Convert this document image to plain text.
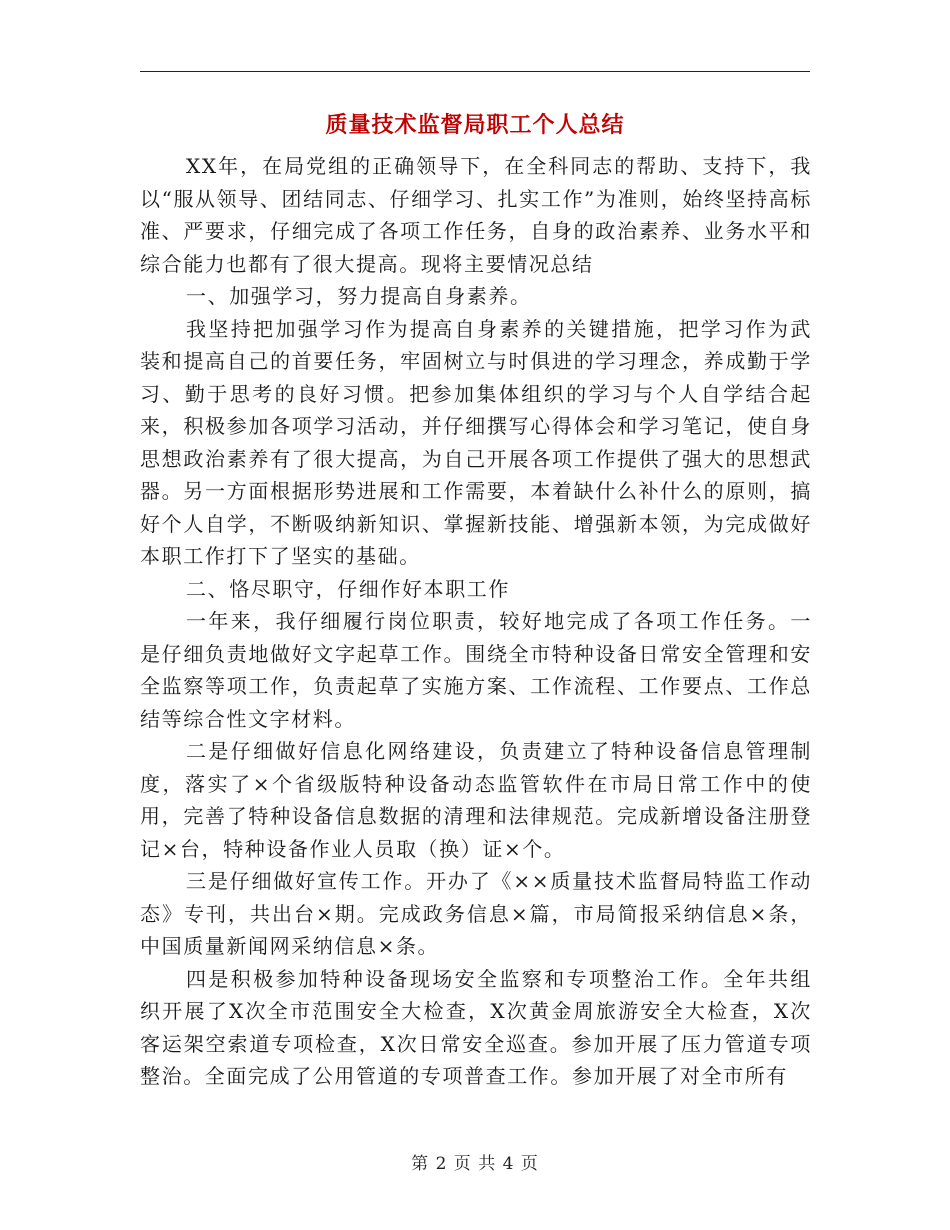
质量技术监督局职工个人总结

XX年，在局党组的正确领导下，在全科同志的帮助、支持下，我以“服从领导、团结同志、仔细学习、扎实工作”为准则，始终坚持高标准、严要求，仔细完成了各项工作任务，自身的政治素养、业务水平和综合能力也都有了很大提高。现将主要情况总结

一、加强学习，努力提高自身素养。

我坚持把加强学习作为提高自身素养的关键措施，把学习作为武装和提高自己的首要任务，牢固树立与时俱进的学习理念，养成勤于学习、勤于思考的良好习惯。把参加集体组织的学习与个人自学结合起来，积极参加各项学习活动，并仔细撰写心得体会和学习笔记，使自身思想政治素养有了很大提高，为自己开展各项工作提供了强大的思想武器。另一方面根据形势进展和工作需要，本着缺什么补什么的原则，搞好个人自学，不断吸纳新知识、掌握新技能、增强新本领，为完成做好本职工作打下了坚实的基础。

二、恪尽职守，仔细作好本职工作

一年来，我仔细履行岗位职责，较好地完成了各项工作任务。一是仔细负责地做好文字起草工作。围绕全市特种设备日常安全管理和安全监察等项工作，负责起草了实施方案、工作流程、工作要点、工作总结等综合性文字材料。

二是仔细做好信息化网络建设，负责建立了特种设备信息管理制度，落实了×个省级版特种设备动态监管软件在市局日常工作中的使用，完善了特种设备信息数据的清理和法律规范。完成新增设备注册登记×台，特种设备作业人员取（换）证×个。

三是仔细做好宣传工作。开办了《××质量技术监督局特监工作动态》专刊，共出台×期。完成政务信息×篇，市局简报采纳信息×条，中国质量新闻网采纳信息×条。

四是积极参加特种设备现场安全监察和专项整治工作。全年共组织开展了X次全市范围安全大检查，X次黄金周旅游安全大检查，X次客运架空索道专项检查，X次日常安全巡查。参加开展了压力管道专项整治。全面完成了公用管道的专项普查工作。参加开展了对全市所有

第 2 页 共 4 页
